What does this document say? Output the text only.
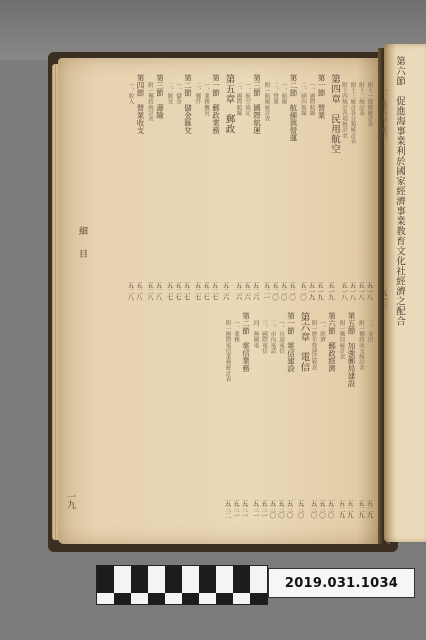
第六節　促進海事業利於國家經濟事業教育文化社經濟之配合
一、促進貿易之配合
五一三
細目
一九
附十一提撥統計表
五一八
附十二統計表
五一八
附十三統計各分類統計表
五一八
附十四統計各項統計表
五一八
第四章　民用航空
五一九
第一節　營業
五一九
一、國際航線
五一九
二、國內航線
五二〇
第二節　航線與營運
五二〇
一、航線
五二〇
二、營運
五二〇
附一航線統計表
五二一
第三節　國際航運
五二六
一、航空協定
五二六
二、國際航線
五二六
第五章　郵政
五二六
第一節　郵政業務
五二七
一、業務概況
五二七
二、郵件
五二七
第二節　儲金匯兌
五二七
一、儲金
五二七
二、匯兌
五二七
第三節　壽險
五二八
附一郵政統計表
五二八
第四節　營業收支
五二八
一、收入
五二八
二、支出
五二九
附一郵政收支統計表
五二九
第五節　加強郵局建設
五二九
附一郵局統計表
五二九
第六節　郵政經濟
五三〇
一、經濟
五三〇
附一歷年營運比較表
五三〇
第六章　電信
五三〇
第一節　電信建設
五三〇
一、長途電信
五三〇
二、市內電話
五三〇
三、國際電信
五三一
四、無線電
五三一
第二節　電信業務
五三一
一、業務
五三一
附一國際電信業務統計表
五三二
2019.031.1034
